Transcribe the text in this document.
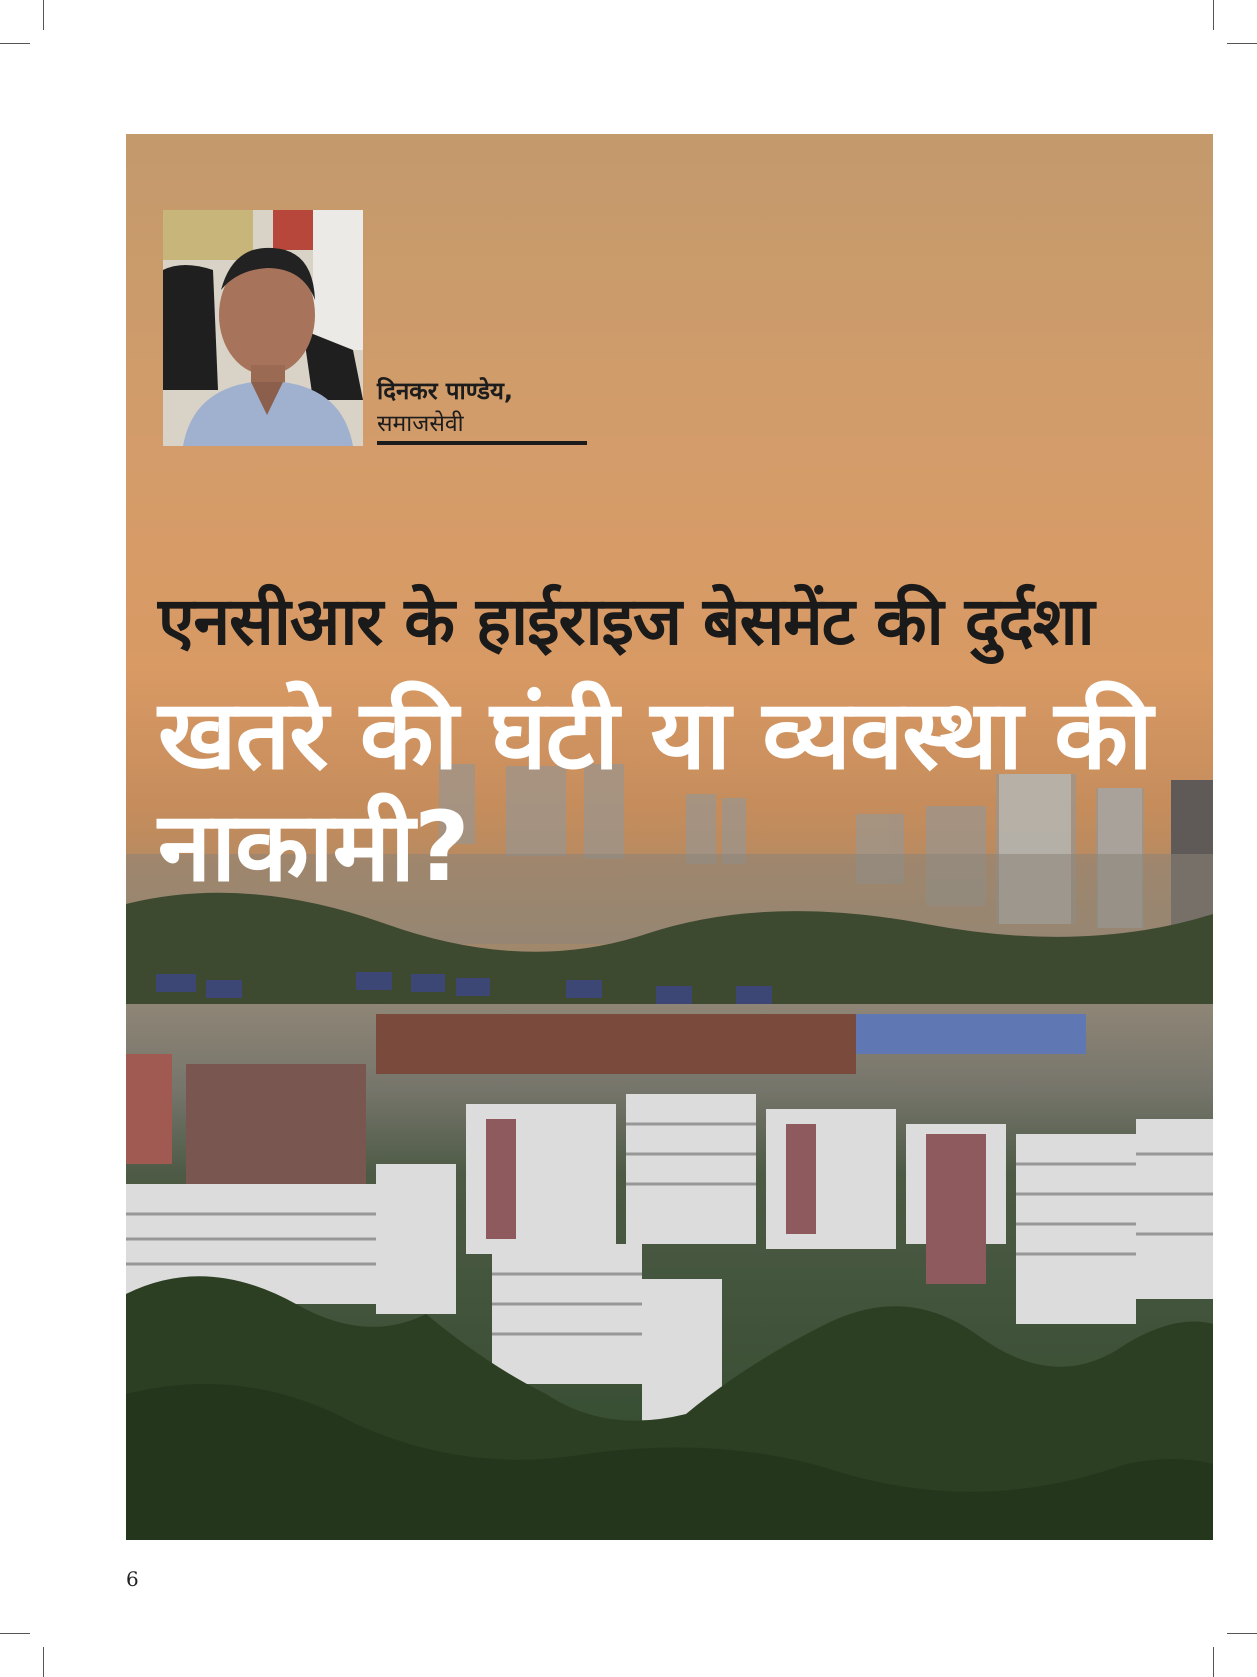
दिनकर पाण्डेय,
समाजसेवी
एनसीआर के हाईराइज बेसमेंट की दुर्दशा
खतरे की घंटी या व्यवस्था की नाकामी?
6
